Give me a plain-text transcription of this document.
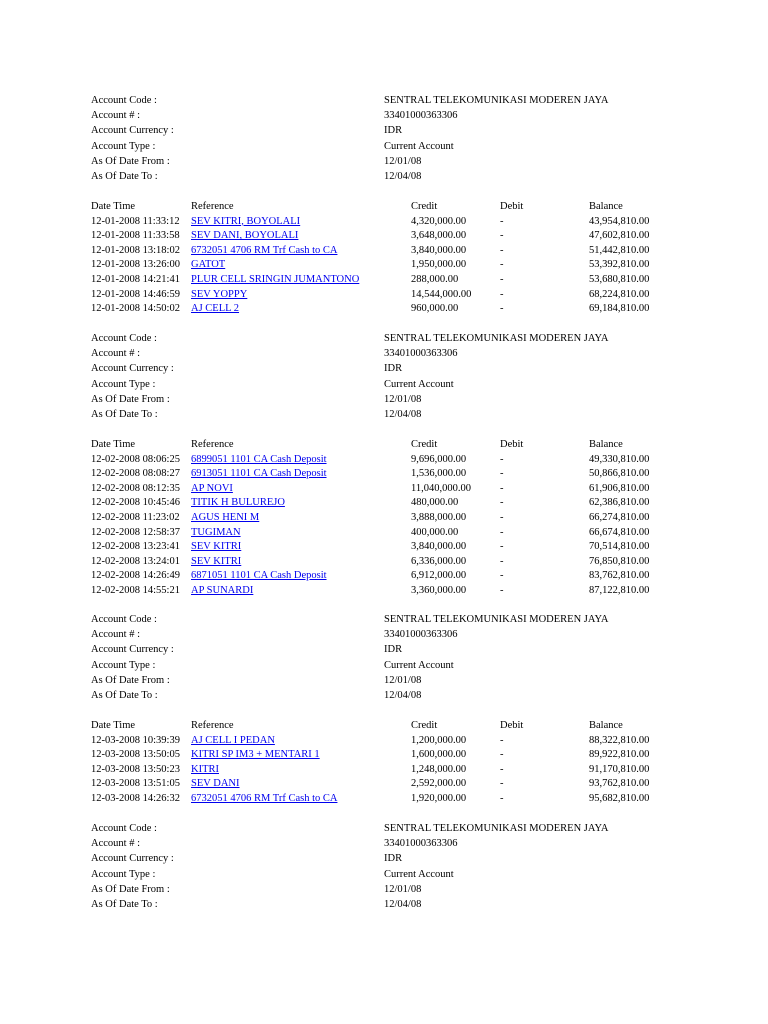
Account Code :	SENTRAL TELEKOMUNIKASI MODEREN JAYA
Account # :	33401000363306
Account Currency :	IDR
Account Type :	Current Account
As Of Date From :	12/01/08
As Of Date To :	12/04/08
Date Time	Reference	Credit	Debit	Balance
12-01-2008 11:33:12 SEV KITRI, BOYOLALI	4,320,000.00	-	43,954,810.00
12-01-2008 11:33:58 SEV DANI, BOYOLALI	3,648,000.00	-	47,602,810.00
12-01-2008 13:18:02 6732051 4706 RM Trf Cash to CA	3,840,000.00	-	51,442,810.00
12-01-2008 13:26:00 GATOT	1,950,000.00	-	53,392,810.00
12-01-2008 14:21:41 PLUR CELL SRINGIN JUMANTONO	288,000.00	-	53,680,810.00
12-01-2008 14:46:59 SEV YOPPY	14,544,000.00	-	68,224,810.00
12-01-2008 14:50:02 AJ CELL 2	960,000.00	-	69,184,810.00
Account Code :	SENTRAL TELEKOMUNIKASI MODEREN JAYA
Account # :	33401000363306
Account Currency :	IDR
Account Type :	Current Account
As Of Date From :	12/01/08
As Of Date To :	12/04/08
Date Time	Reference	Credit	Debit	Balance
12-02-2008 08:06:25 6899051 1101 CA Cash Deposit	9,696,000.00	-	49,330,810.00
12-02-2008 08:08:27 6913051 1101 CA Cash Deposit	1,536,000.00	-	50,866,810.00
12-02-2008 08:12:35 AP NOVI	11,040,000.00	-	61,906,810.00
12-02-2008 10:45:46 TITIK H BULUREJO	480,000.00	-	62,386,810.00
12-02-2008 11:23:02 AGUS HENI M	3,888,000.00	-	66,274,810.00
12-02-2008 12:58:37 TUGIMAN	400,000.00	-	66,674,810.00
12-02-2008 13:23:41 SEV KITRI	3,840,000.00	-	70,514,810.00
12-02-2008 13:24:01 SEV KITRI	6,336,000.00	-	76,850,810.00
12-02-2008 14:26:49 6871051 1101 CA Cash Deposit	6,912,000.00	-	83,762,810.00
12-02-2008 14:55:21 AP SUNARDI	3,360,000.00	-	87,122,810.00
Account Code :	SENTRAL TELEKOMUNIKASI MODEREN JAYA
Account # :	33401000363306
Account Currency :	IDR
Account Type :	Current Account
As Of Date From :	12/01/08
As Of Date To :	12/04/08
Date Time	Reference	Credit	Debit	Balance
12-03-2008 10:39:39 AJ CELL I PEDAN	1,200,000.00	-	88,322,810.00
12-03-2008 13:50:05 KITRI SP IM3 + MENTARI 1	1,600,000.00	-	89,922,810.00
12-03-2008 13:50:23 KITRI	1,248,000.00	-	91,170,810.00
12-03-2008 13:51:05 SEV DANI	2,592,000.00	-	93,762,810.00
12-03-2008 14:26:32 6732051 4706 RM Trf Cash to CA	1,920,000.00	-	95,682,810.00
Account Code :	SENTRAL TELEKOMUNIKASI MODEREN JAYA
Account # :	33401000363306
Account Currency :	IDR
Account Type :	Current Account
As Of Date From :	12/01/08
As Of Date To :	12/04/08
